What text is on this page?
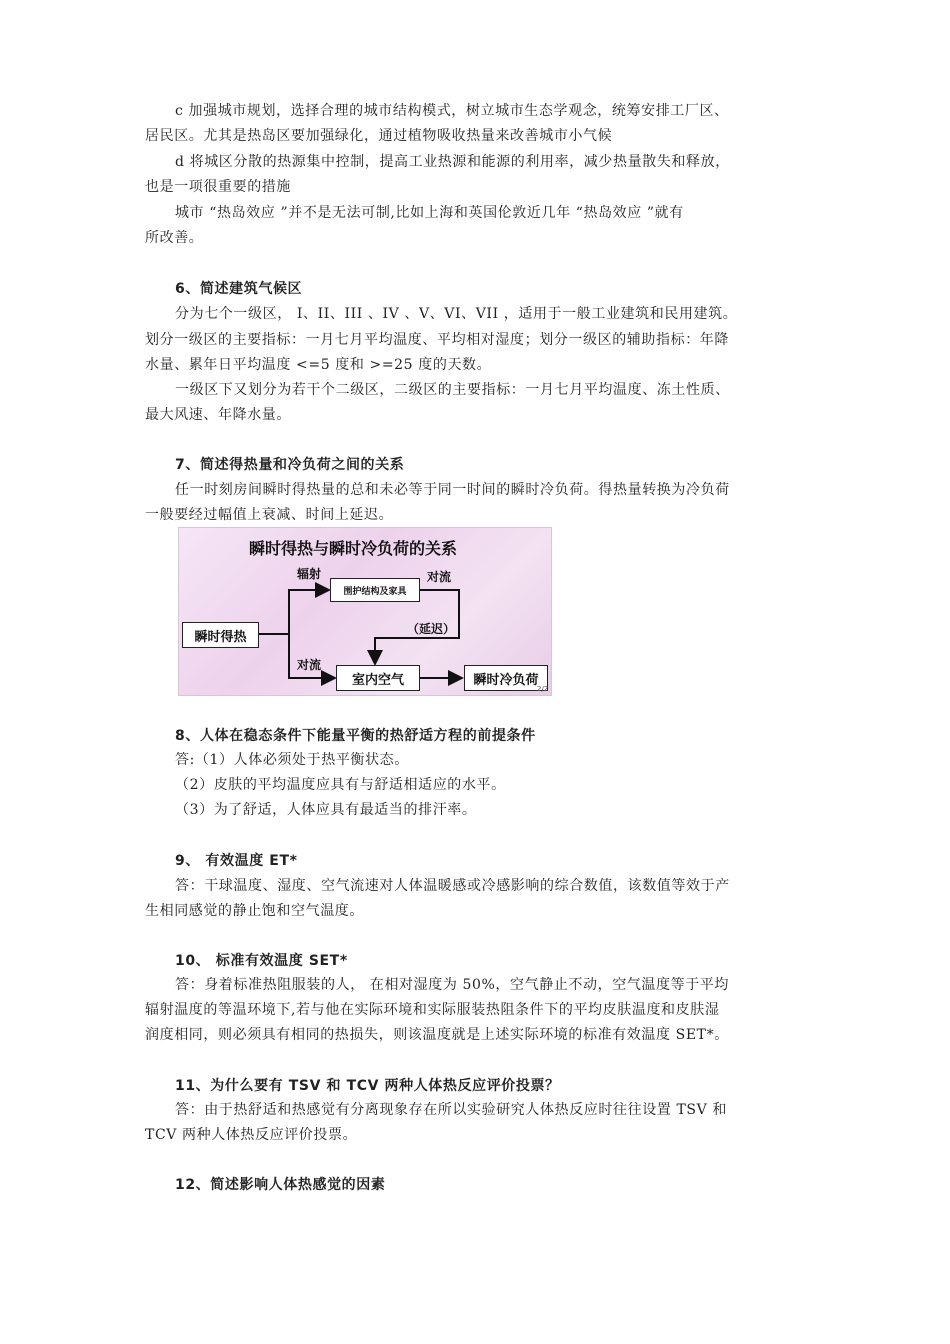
c 加强城市规划，选择合理的城市结构模式，树立城市生态学观念，统筹安排工厂区、
居民区。尤其是热岛区要加强绿化，通过植物吸收热量来改善城市小气候
d 将城区分散的热源集中控制，提高工业热源和能源的利用率，减少热量散失和释放，
也是一项很重要的措施
城市 “热岛效应 ”并不是无法可制,比如上海和英国伦敦近几年 “热岛效应 ”就有
所改善。
6、简述建筑气候区
分为七个一级区， I、II、III 、IV 、V、VI、VII ，适用于一般工业建筑和民用建筑。
划分一级区的主要指标：一月七月平均温度、平均相对湿度；划分一级区的辅助指标：年降
水量、累年日平均温度 <=5 度和 >=25 度的天数。
一级区下又划分为若干个二级区，二级区的主要指标：一月七月平均温度、冻土性质、
最大风速、年降水量。
7、简述得热量和冷负荷之间的关系
任一时刻房间瞬时得热量的总和未必等于同一时间的瞬时冷负荷。得热量转换为冷负荷
一般要经过幅值上衰减、时间上延迟。
瞬时得热与瞬时冷负荷的关系
瞬时得热
围护结构及家具
室内空气	瞬时冷负荷
辐射	对流
对流
（延迟）
2/2
8、人体在稳态条件下能量平衡的热舒适方程的前提条件
答:（1）人体必须处于热平衡状态。
（2）皮肤的平均温度应具有与舒适相适应的水平。
（3）为了舒适，人体应具有最适当的排汗率。
9、 有效温度 ET*
答：干球温度、湿度、空气流速对人体温暖感或冷感影响的综合数值，该数值等效于产
生相同感觉的静止饱和空气温度。
10、 标准有效温度 SET*
答：身着标准热阻服装的人， 在相对湿度为 50%，空气静止不动，空气温度等于平均
辐射温度的等温环境下,若与他在实际环境和实际服装热阻条件下的平均皮肤温度和皮肤湿
润度相同，则必须具有相同的热损失，则该温度就是上述实际环境的标准有效温度 SET*。
11、为什么要有 TSV 和 TCV 两种人体热反应评价投票？
答：由于热舒适和热感觉有分离现象存在所以实验研究人体热反应时往往设置 TSV 和
TCV 两种人体热反应评价投票。
12、简述影响人体热感觉的因素
